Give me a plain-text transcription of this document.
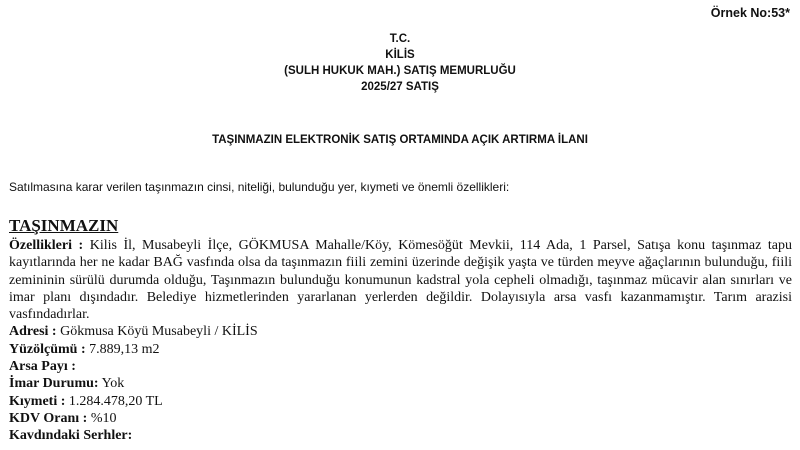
Örnek No:53*
T.C.
KİLİS
(SULH HUKUK MAH.) SATIŞ MEMURLUĞU
2025/27 SATIŞ
TAŞINMAZIN ELEKTRONİK SATIŞ ORTAMINDA AÇIK ARTIRMA İLANI
Satılmasına karar verilen taşınmazın cinsi, niteliği, bulunduğu yer, kıymeti ve önemli özellikleri:
TAŞINMAZIN

Özellikleri : Kilis İl, Musabeyli İlçe, GÖKMUSA Mahalle/Köy, Kömesöğüt Mevkii, 114 Ada, 1 Parsel, Satışa konu taşınmaz tapu kayıtlarında her ne kadar BAĞ vasfında olsa da taşınmazın fiili zemini üzerinde değişik yaşta ve türden meyve ağaçlarının bulunduğu, fiili zemininin sürülü durumda olduğu, Taşınmazın bulunduğu konumunun kadstral yola cepheli olmadığı, taşınmaz mücavir alan sınırları ve imar planı dışındadır. Belediye hizmetlerinden yararlanan yerlerden değildir. Dolayısıyla arsa vasfı kazanmamıştır. Tarım arazisi vasfındadırlar.

Adresi : Gökmusa Köyü Musabeyli / KİLİS

Yüzölçümü : 7.889,13 m2

Arsa Payı :

İmar Durumu: Yok

Kıymeti : 1.284.478,20 TL

KDV Oranı : %10

Kavdındaki Serhler:
